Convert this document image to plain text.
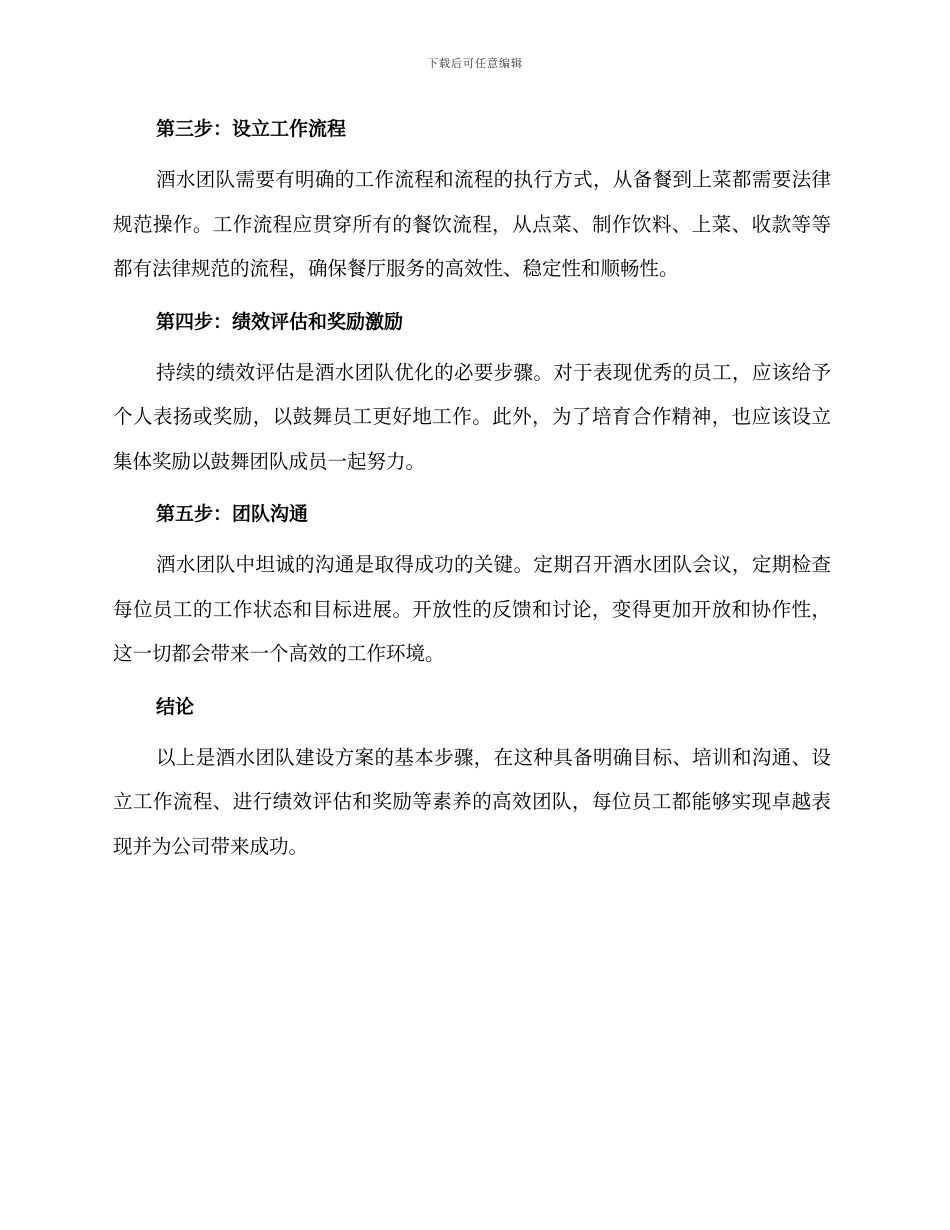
下载后可任意编辑
第三步：设立工作流程

酒水团队需要有明确的工作流程和流程的执行方式，从备餐到上菜都需要法律规范操作。工作流程应贯穿所有的餐饮流程，从点菜、制作饮料、上菜、收款等等都有法律规范的流程，确保餐厅服务的高效性、稳定性和顺畅性。

第四步：绩效评估和奖励激励

持续的绩效评估是酒水团队优化的必要步骤。对于表现优秀的员工，应该给予个人表扬或奖励，以鼓舞员工更好地工作。此外，为了培育合作精神，也应该设立集体奖励以鼓舞团队成员一起努力。

第五步：团队沟通

酒水团队中坦诚的沟通是取得成功的关键。定期召开酒水团队会议，定期检查每位员工的工作状态和目标进展。开放性的反馈和讨论，变得更加开放和协作性，这一切都会带来一个高效的工作环境。

结论

以上是酒水团队建设方案的基本步骤，在这种具备明确目标、培训和沟通、设立工作流程、进行绩效评估和奖励等素养的高效团队，每位员工都能够实现卓越表现并为公司带来成功。
